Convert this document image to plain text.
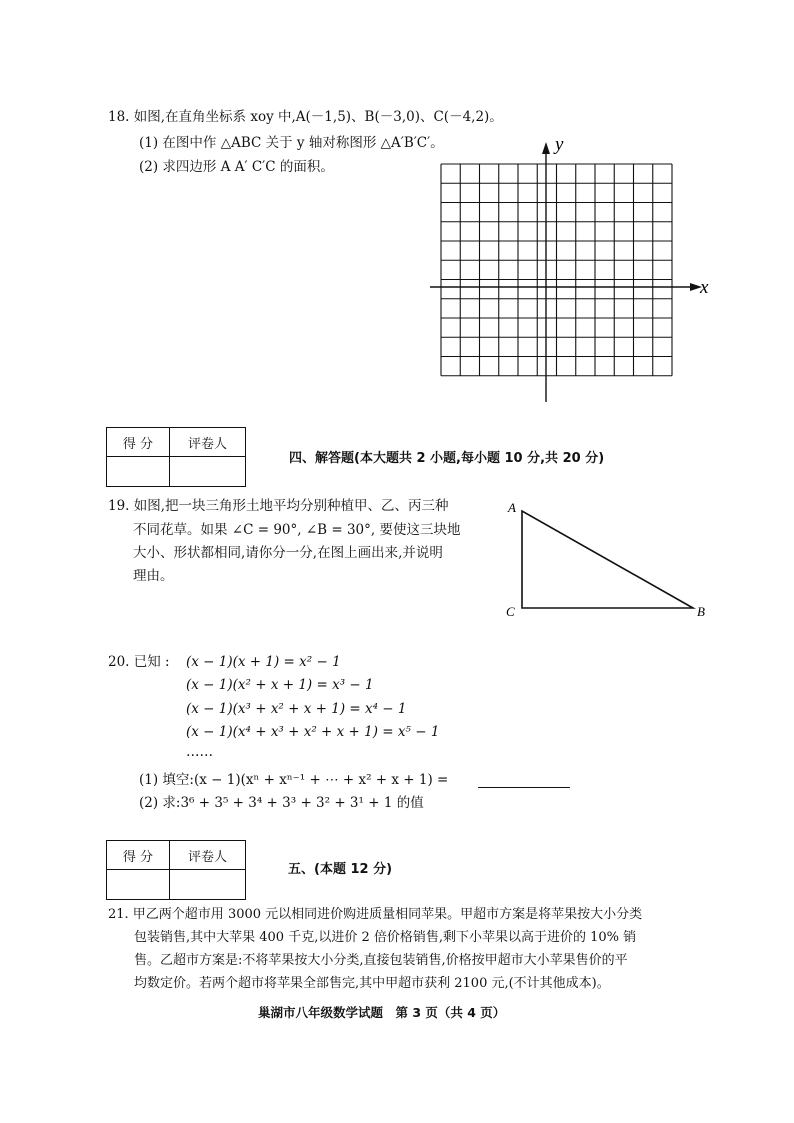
18. 如图,在直角坐标系 xoy 中,A(－1,5)、B(－3,0)、C(－4,2)。
(1) 在图中作 △ABC 关于 y 轴对称图形 △A′B′C′。
(2) 求四边形 A A′ C′C 的面积。
y
x
得 分	评卷人

四、解答题(本大题共 2 小题,每小题 10 分,共 20 分)
19. 如图,把一块三角形土地平均分别种植甲、乙、丙三种
不同花草。如果 ∠C = 90°, ∠B = 30°, 要使这三块地
大小、形状都相同,请你分一分,在图上画出来,并说明
理由。
A
C	B
20. 已知 : (x − 1)(x + 1) = x² − 1
(x − 1)(x² + x + 1) = x³ − 1
(x − 1)(x³ + x² + x + 1) = x⁴ − 1
(x − 1)(x⁴ + x³ + x² + x + 1) = x⁵ − 1
……
(1) 填空:(x − 1)(xⁿ + xⁿ⁻¹ + ⋯ + x² + x + 1) =
(2) 求:3⁶ + 3⁵ + 3⁴ + 3³ + 3² + 3¹ + 1 的值
得 分	评卷人

五、(本题 12 分)
21. 甲乙两个超市用 3000 元以相同进价购进质量相同苹果。甲超市方案是将苹果按大小分类
包装销售,其中大苹果 400 千克,以进价 2 倍价格销售,剩下小苹果以高于进价的 10% 销
售。乙超市方案是:不将苹果按大小分类,直接包装销售,价格按甲超市大小苹果售价的平
均数定价。若两个超市将苹果全部售完,其中甲超市获利 2100 元,(不计其他成本)。
巢湖市八年级数学试题　第 3 页（共 4 页）
